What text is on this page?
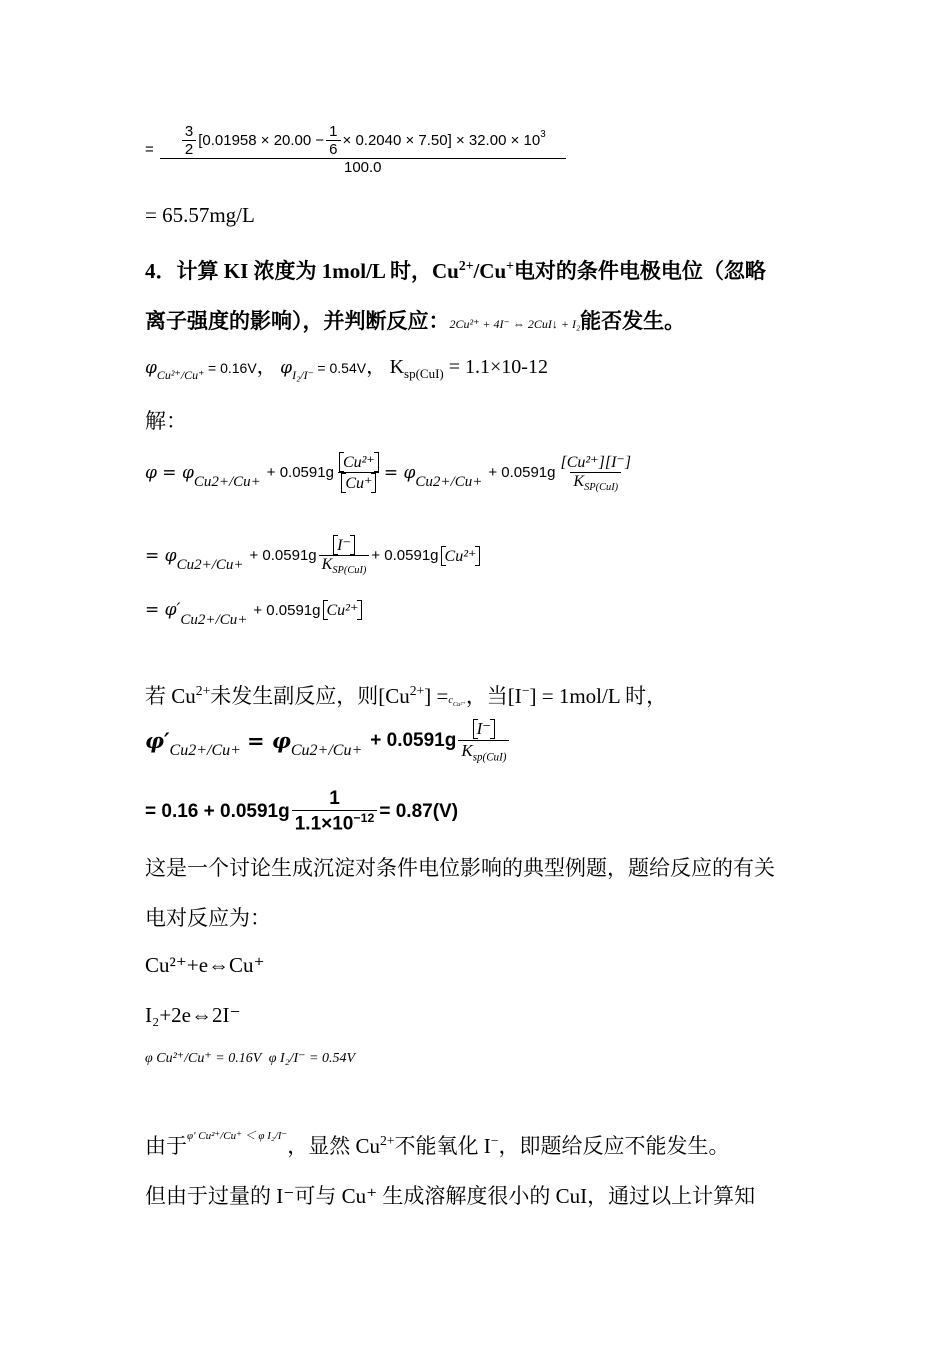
= $\frac{3}{2} [0.01958 \times 20.00 - \frac{1}{6} \times 0.2040 \times 7.50] \times 32.00 \times 10^3$
100.0
= 65.57mg/L
4．计算 KI 浓度为 1mol/L 时，$Cu^{2+}/Cu^+$电对的条件电极电位（忽略
离子强度的影响），并判断反应：2Cu²⁺ + 4I⁻ ⇔ 2CuI↓ + I₂能否发生。
φCu²⁺/Cu⁺ = 0.16V， φI₂/I⁻ = 0.54V， $K_{sp(CuI)} = 1.1\times 10-12$
解：
φ = φ Cu2+/Cu+
+ $0.0591g \frac{\text{Cu²⁺}}{Cu^+} = \varphi$ Cu2+/Cu+
+ $0.0591g \frac{\text{[Cu²⁺][I⁻]}}{K_{SP(CuI)}}$
= φ Cu2+/Cu+
+ $0.0591g \frac{I^-}{K_{SP(CuI)}} + 0.0591g$ Cu²⁺
= φ′ Cu2+/Cu+
+ 0.0591g Cu²⁺
若 $Cu^{2+}$未发生副反应，则$[Cu^{2+}] =c_{Cu^{2+}}$，当[I−] = 1mol/L 时，
φ′ Cu2+/Cu+ = φ $Cu2+/Cu+ + 0.0591g \frac{I^-}{K_{sp(CuI)}}$
= $0.16 + 0.0591g \frac{1}{1.1\times 10^{-12}} = 0.87(V)$
这是一个讨论生成沉淀对条件电位影响的典型例题，题给反应的有关
电对反应为：
Cu²⁺+e⇔Cu⁺
I₂+2e⇔2I⁻
φ Cu²⁺/Cu⁺ = 0.16V φ I₂/I⁻ = 0.54V
由于$^{\varphi' Cu^{2+}/Cu^+ < \varphi I_2/I^-}$，显然 $Cu^{2+}$不能氧化 I−，即题给反应不能发生。
但由于过量的 I⁻可与 Cu⁺ 生成溶解度很小的 CuI，通过以上计算知
